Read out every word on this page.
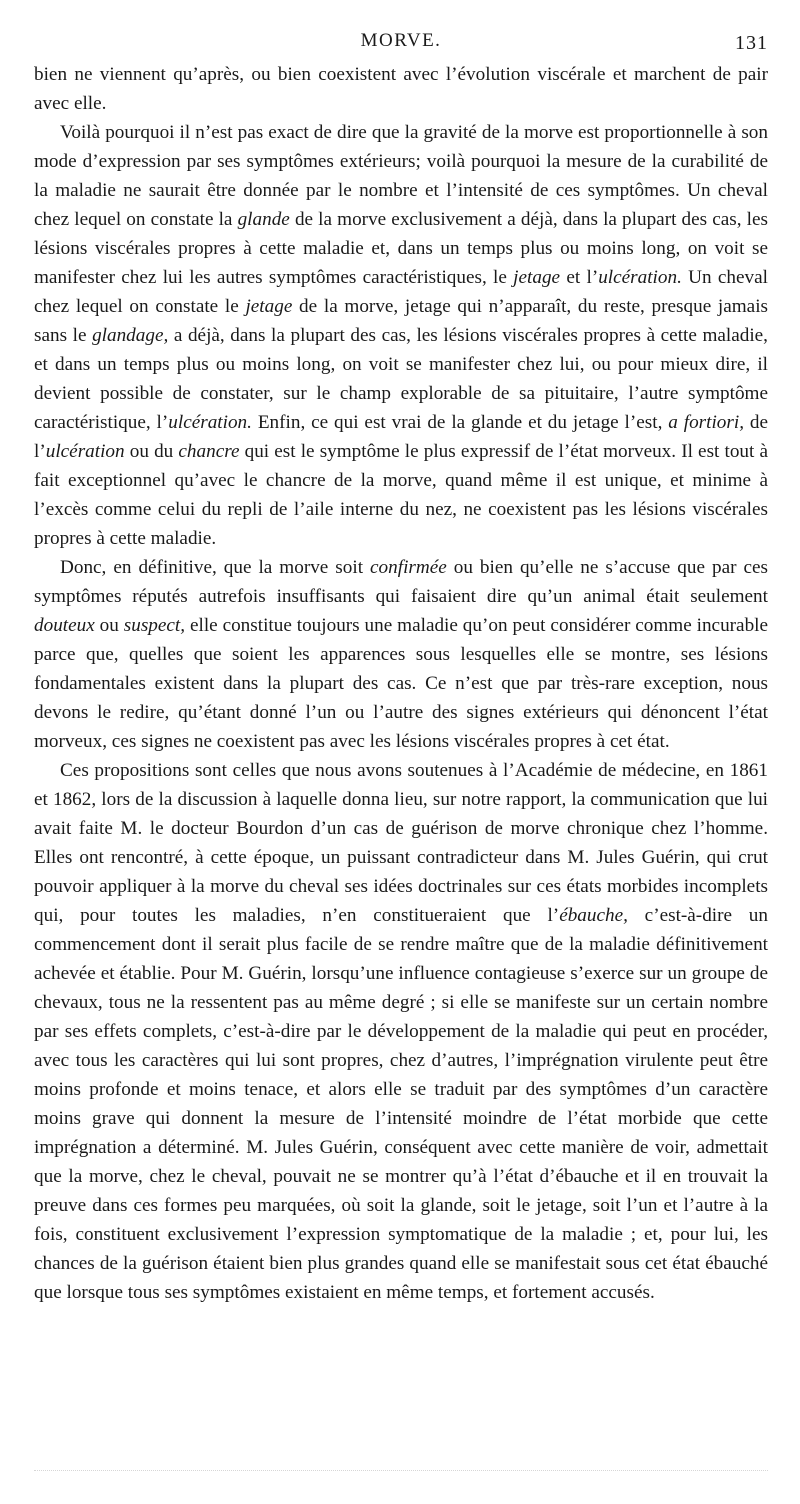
MORVE.	131

bien ne viennent qu’après, ou bien coexistent avec l’évolution viscérale et marchent de pair avec elle.

Voilà pourquoi il n’est pas exact de dire que la gravité de la morve est proportionnelle à son mode d’expression par ses symptômes extérieurs; voilà pourquoi la mesure de la curabilité de la maladie ne saurait être donnée par le nombre et l’intensité de ces symptômes. Un cheval chez lequel on constate la glande de la morve exclusivement a déjà, dans la plupart des cas, les lésions viscérales propres à cette maladie et, dans un temps plus ou moins long, on voit se manifester chez lui les autres symptômes caractéristiques, le jetage et l’ulcération. Un cheval chez lequel on constate le jetage de la morve, jetage qui n’apparaît, du reste, presque jamais sans le glandage, a déjà, dans la plupart des cas, les lésions viscérales propres à cette maladie, et dans un temps plus ou moins long, on voit se manifester chez lui, ou pour mieux dire, il devient possible de constater, sur le champ explorable de sa pituitaire, l’autre symptôme caractéristique, l’ulcération. Enfin, ce qui est vrai de la glande et du jetage l’est, a fortiori, de l’ulcération ou du chancre qui est le symptôme le plus expressif de l’état morveux. Il est tout à fait exceptionnel qu’avec le chancre de la morve, quand même il est unique, et minime à l’excès comme celui du repli de l’aile interne du nez, ne coexistent pas les lésions viscérales propres à cette maladie.

Donc, en définitive, que la morve soit confirmée ou bien qu’elle ne s’accuse que par ces symptômes réputés autrefois insuffisants qui faisaient dire qu’un animal était seulement douteux ou suspect, elle constitue toujours une maladie qu’on peut considérer comme incurable parce que, quelles que soient les apparences sous lesquelles elle se montre, ses lésions fondamentales existent dans la plupart des cas. Ce n’est que par très-rare exception, nous devons le redire, qu’étant donné l’un ou l’autre des signes extérieurs qui dénoncent l’état morveux, ces signes ne coexistent pas avec les lésions viscérales propres à cet état.

Ces propositions sont celles que nous avons soutenues à l’Académie de médecine, en 1861 et 1862, lors de la discussion à laquelle donna lieu, sur notre rapport, la communication que lui avait faite M. le docteur Bourdon d’un cas de guérison de morve chronique chez l’homme. Elles ont rencontré, à cette époque, un puissant contradicteur dans M. Jules Guérin, qui crut pouvoir appliquer à la morve du cheval ses idées doctrinales sur ces états morbides incomplets qui, pour toutes les maladies, n’en constitueraient que l’ébauche, c’est-à-dire un commencement dont il serait plus facile de se rendre maître que de la maladie définitivement achevée et établie. Pour M. Guérin, lorsqu’une influence contagieuse s’exerce sur un groupe de chevaux, tous ne la ressentent pas au même degré ; si elle se manifeste sur un certain nombre par ses effets complets, c’est-à-dire par le développement de la maladie qui peut en procéder, avec tous les caractères qui lui sont propres, chez d’autres, l’imprégnation virulente peut être moins profonde et moins tenace, et alors elle se traduit par des symptômes d’un caractère moins grave qui donnent la mesure de l’intensité moindre de l’état morbide que cette imprégnation a déterminé. M. Jules Guérin, conséquent avec cette manière de voir, admettait que la morve, chez le cheval, pouvait ne se montrer qu’à l’état d’ébauche et il en trouvait la preuve dans ces formes peu marquées, où soit la glande, soit le jetage, soit l’un et l’autre à la fois, constituent exclusivement l’expression symptomatique de la maladie ; et, pour lui, les chances de la guérison étaient bien plus grandes quand elle se manifestait sous cet état ébauché que lorsque tous ses symptômes existaient en même temps, et fortement accusés.
